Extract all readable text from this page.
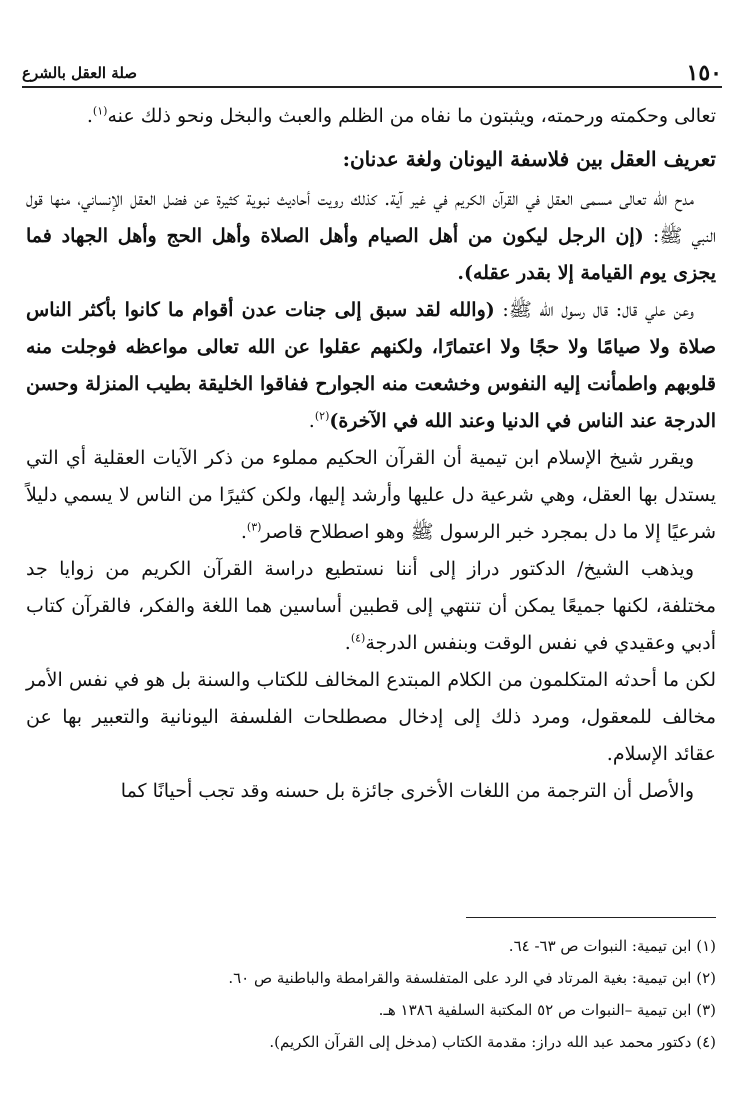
صلة العقل بالشرع	١٥٠

تعالى وحكمته ورحمته، ويثبتون ما نفاه من الظلم والعبث والبخل ونحو ذلك عنه$^{(١)}$.

تعريف العقل بين فلاسفة اليونان ولغة عدنان:

مدح الله تعالى مسمى العقل في القرآن الكريم في غير آية. كذلك رويت أحاديث نبوية كثيرة عن فضل العقل الإنساني، منها قول النبي ﷺ: (إن الرجل ليكون من أهل الصيام وأهل الصلاة وأهل الحج وأهل الجهاد فما يجزى يوم القيامة إلا بقدر عقله).

وعن علي قال: قال رسول الله ﷺ: (والله لقد سبق إلى جنات عدن أقوام ما كانوا بأكثر الناس صلاة ولا صيامًا ولا حجًا ولا اعتمارًا، ولكنهم عقلوا عن الله تعالى مواعظه فوجلت منه قلوبهم واطمأنت إليه النفوس وخشعت منه الجوارح ففاقوا الخليقة بطيب المنزلة وحسن الدرجة عند الناس في الدنيا وعند الله في الآخرة)$^{(٢)}$.

ويقرر شيخ الإسلام ابن تيمية أن القرآن الحكيم مملوء من ذكر الآيات العقلية أي التي يستدل بها العقل، وهي شرعية دل عليها وأرشد إليها، ولكن كثيرًا من الناس لا يسمي دليلاً شرعيًا إلا ما دل بمجرد خبر الرسول ﷺ وهو اصطلاح قاصر$^{(٣)}$.

ويذهب الشيخ/ الدكتور دراز إلى أننا نستطيع دراسة القرآن الكريم من زوايا جد مختلفة، لكنها جميعًا يمكن أن تنتهي إلى قطبين أساسين هما اللغة والفكر، فالقرآن كتاب أدبي وعقيدي في نفس الوقت وبنفس الدرجة$^{(٤)}$.

لكن ما أحدثه المتكلمون من الكلام المبتدع المخالف للكتاب والسنة بل هو في نفس الأمر مخالف للمعقول، ومرد ذلك إلى إدخال مصطلحات الفلسفة اليونانية والتعبير بها عن عقائد الإسلام.

والأصل أن الترجمة من اللغات الأخرى جائزة بل حسنه وقد تجب أحيانًا كما

(١) ابن تيمية: النبوات ص ٦٣- ٦٤.

(٢) ابن تيمية: بغية المرتاد في الرد على المتفلسفة والقرامطة والباطنية ص ٦٠.

(٣) ابن تيمية –النبوات ص ٥٢ المكتبة السلفية ١٣٨٦ هـ.

(٤) دكتور محمد عبد الله دراز: مقدمة الكتاب (مدخل إلى القرآن الكريم).
